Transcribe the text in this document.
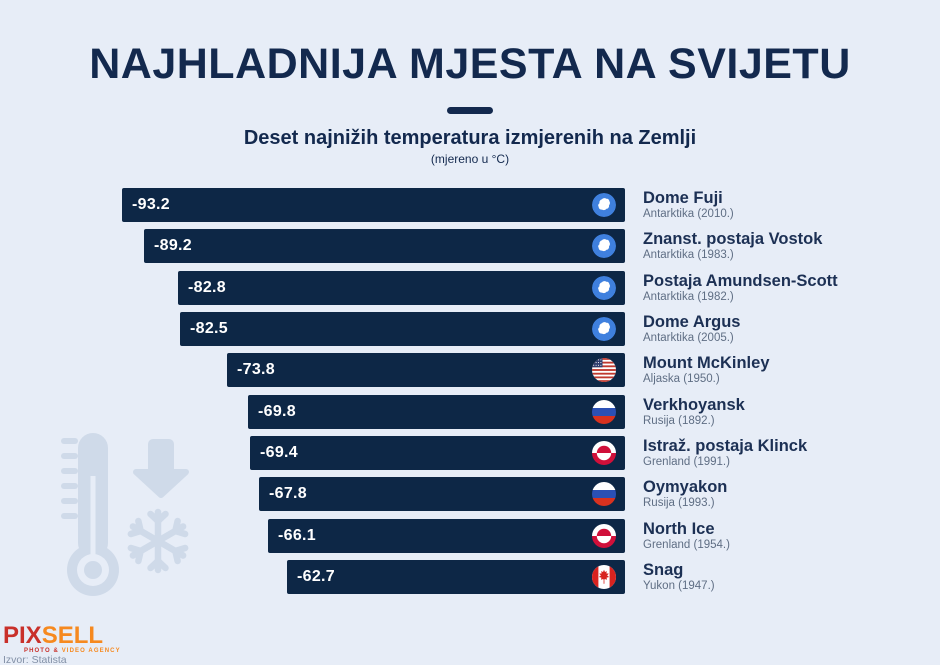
NAJHLADNIJA MJESTA NA SVIJETU
Deset najnižih temperatura izmjerenih na Zemlji
(mjereno u °C)
-93.2	Dome Fuji
Antarktika (2010.)
-89.2	Znanst. postaja Vostok
Antarktika (1983.)
-82.8	Postaja Amundsen-Scott
Antarktika (1982.)
-82.5	Dome Argus
Antarktika (2005.)
-73.8	Mount McKinley
Aljaska (1950.)
-69.8	Verkhoyansk
Rusija (1892.)
-69.4	Istraž. postaja Klinck
Grenland (1991.)
-67.8	Oymyakon
Rusija (1993.)
-66.1	North Ice
Grenland (1954.)
-62.7	Snag
Yukon (1947.)
PIXSELL
PHOTO & VIDEO AGENCY
Izvor: Statista
